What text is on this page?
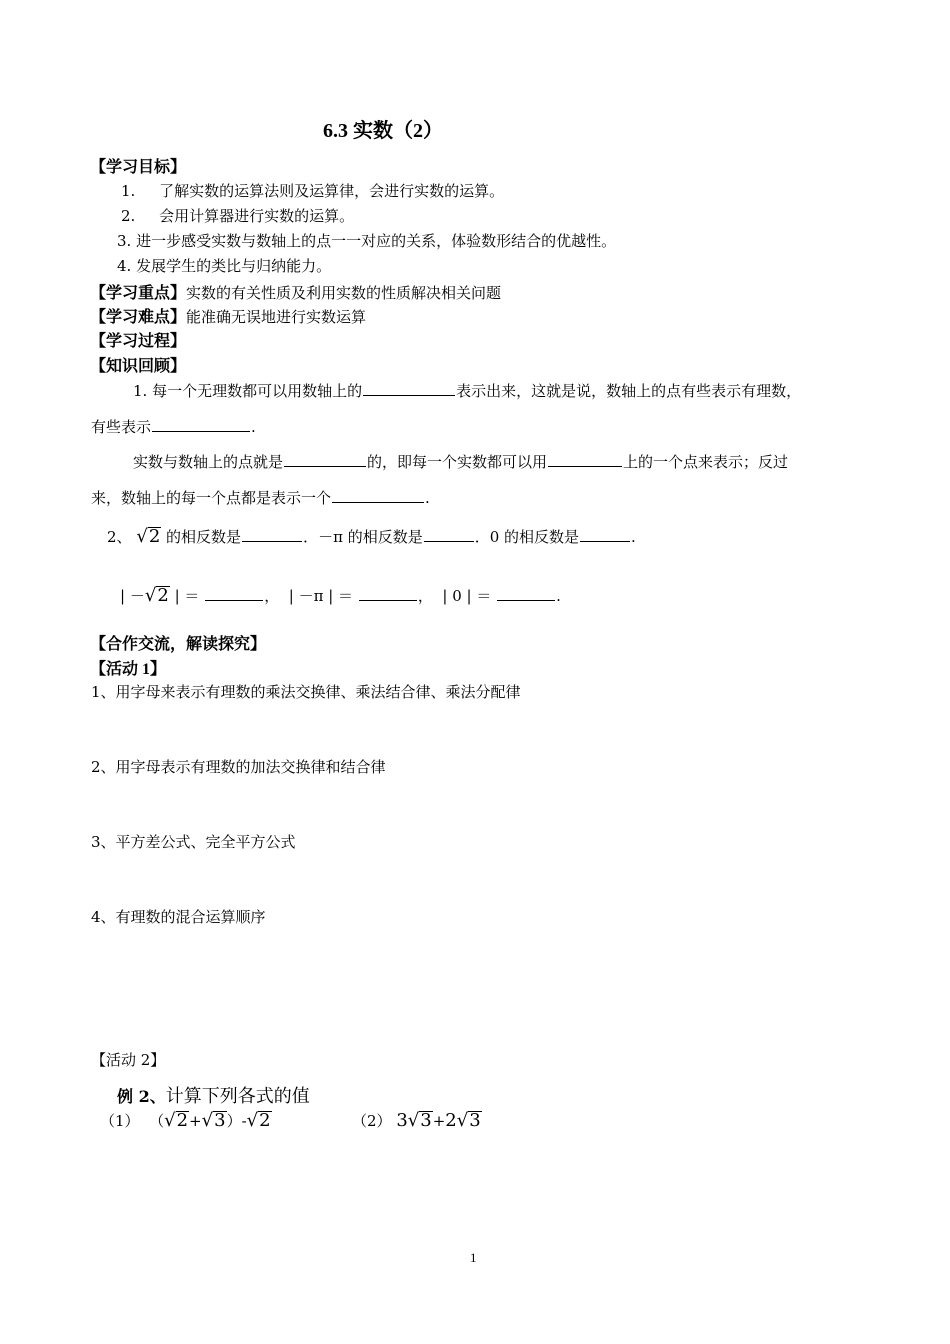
6.3 实数（2）
【学习目标】
1. 了解实数的运算法则及运算律，会进行实数的运算。
2. 会用计算器进行实数的运算。
3. 进一步感受实数与数轴上的点一一对应的关系，体验数形结合的优越性。
4. 发展学生的类比与归纳能力。
【学习重点】实数的有关性质及利用实数的性质解决相关问题
【学习难点】能准确无误地进行实数运算
【学习过程】
【知识回顾】
1. 每一个无理数都可以用数轴上的	表示出来，这就是说，数轴上的点有些表示有理数，
有些表示	.
实数与数轴上的点就是	的，即每一个实数都可以用	上的一个点来表示；反过
来，数轴上的每一个点都是表示一个	.
2、 √2 的相反数是	．－π 的相反数是	．0 的相反数是	.
| －√2 | ＝	， | －π | ＝	， | 0 | ＝	.
【合作交流，解读探究】
【活动 1】
1、用字母来表示有理数的乘法交换律、乘法结合律、乘法分配律
2、用字母表示有理数的加法交换律和结合律
3、平方差公式、完全平方公式
4、有理数的混合运算顺序
【活动 2】
例 2、计算下列各式的值
（1） （√2+√3）-√2	（2） 3√3+2√3
1
